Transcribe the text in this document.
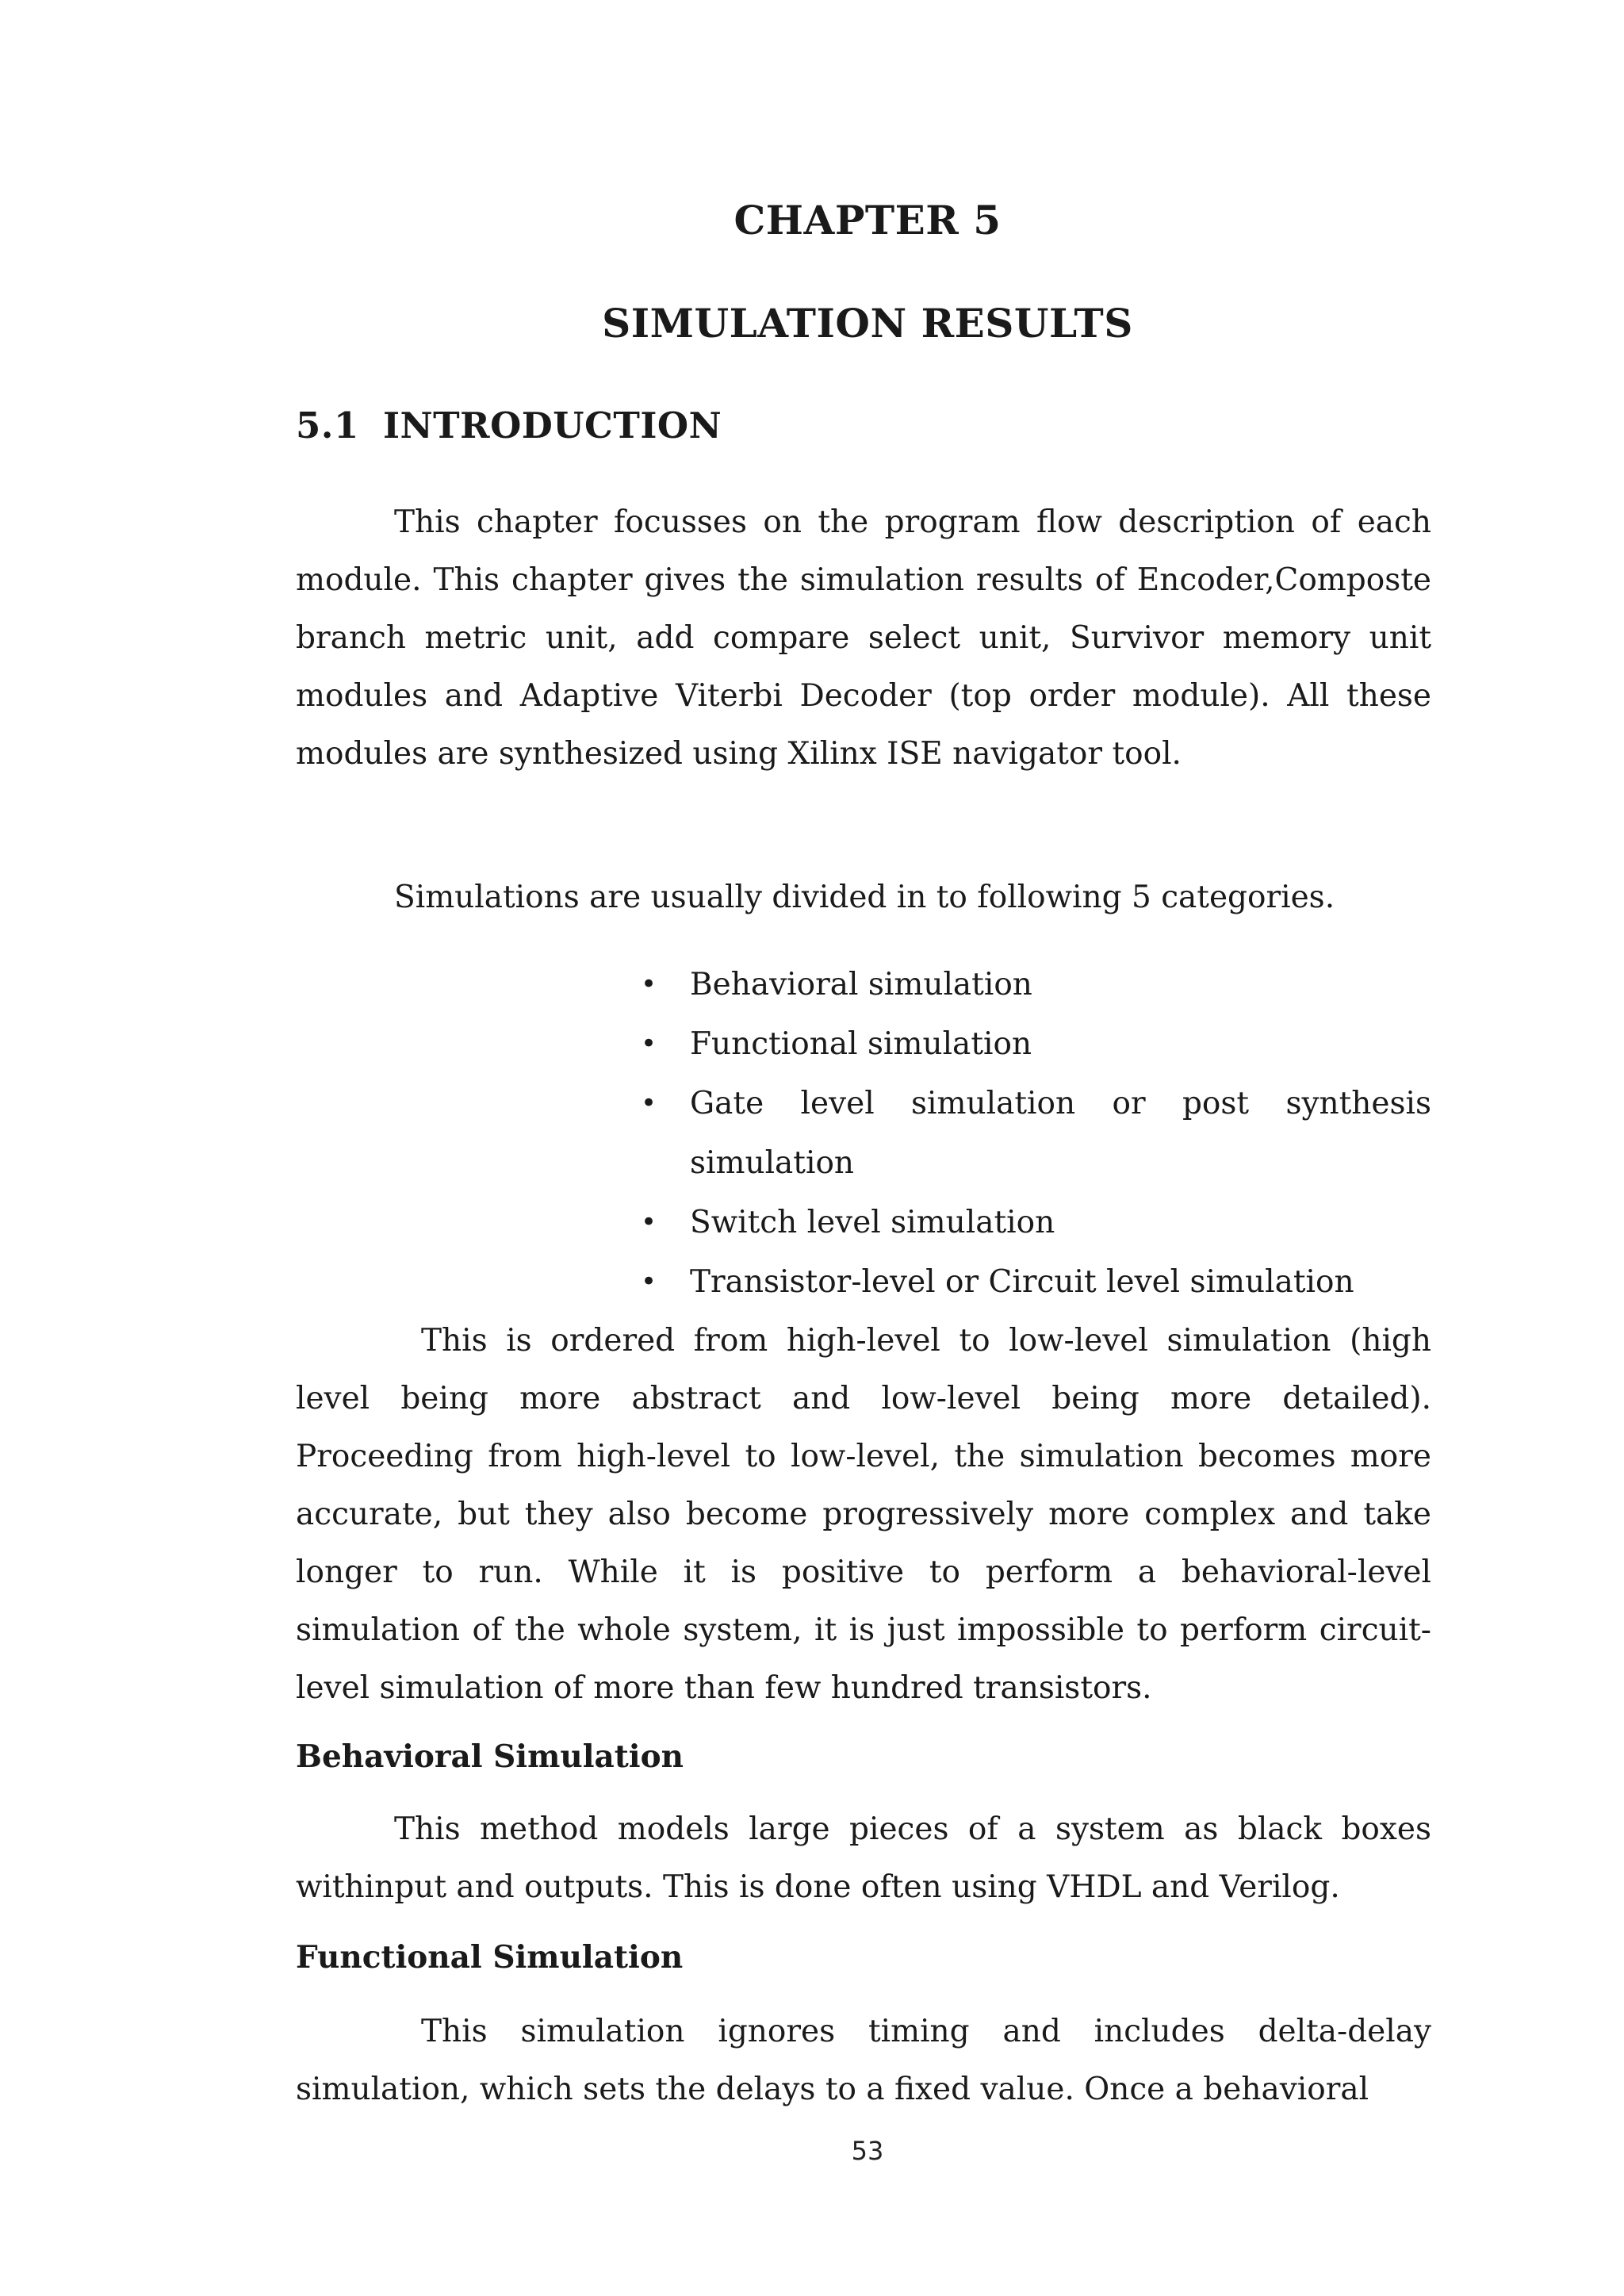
CHAPTER 5
SIMULATION RESULTS
5.1 INTRODUCTION

This chapter focusses on the program flow description of each module. This chapter gives the simulation results of Encoder,Composte branch metric unit, add compare select unit, Survivor memory unit modules and Adaptive Viterbi Decoder (top order module). All these modules are synthesized using Xilinx ISE navigator tool.

Simulations are usually divided in to following 5 categories.

• Behavioral simulation
• Functional simulation
• Gate level simulation or post synthesis simulation
• Switch level simulation
• Transistor-level or Circuit level simulation

This is ordered from high-level to low-level simulation (high level being more abstract and low-level being more detailed). Proceeding from high-level to low-level, the simulation becomes more accurate, but they also become progressively more complex and take longer to run. While it is positive to perform a behavioral-level simulation of the whole system, it is just impossible to perform circuit-level simulation of more than few hundred transistors.

Behavioral Simulation

This method models large pieces of a system as black boxes withinput and outputs. This is done often using VHDL and Verilog.

Functional Simulation

This simulation ignores timing and includes delta-delay simulation, which sets the delays to a fixed value. Once a behavioral

53
